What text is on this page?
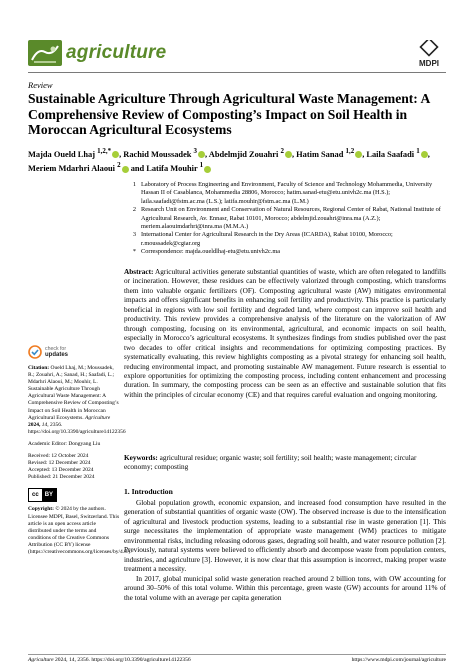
agriculture
MDPI
Review
Sustainable Agriculture Through Agricultural Waste Management: A Comprehensive Review of Composting’s Impact on Soil Health in Moroccan Agricultural Ecosystems
Majda Oueld Lhaj $^{1,2,*}$ , Rachid Moussadek $^3$ , Abdelmjid Zouahri $^2$ , Hatim Sanad $^{1,2}$ , Laila Saafadi $^1$ ,
Meriem Mdarhri Alaoui $^2$ and Latifa Mouhir $^1$
1 Laboratory of Process Engineering and Environment, Faculty of Science and Technology Mohammedia, University Hassan II of Casablanca, Mohammedia 28806, Morocco; hatim.sanad-etu@etu.univh2c.ma (H.S.); laila.saafadi@fstm.ac.ma (L.S.); latifa.mouhir@fstm.ac.ma (L.M.)
2 Research Unit on Environment and Conservation of Natural Resources, Regional Center of Rabat, National Institute of Agricultural Research, Av. Ennasr, Rabat 10101, Morocco; abdelmjid.zouahri@inra.ma (A.Z.); meriem.alaouimdarhri@inra.ma (M.M.A.)
3 International Center for Agricultural Research in the Dry Areas (ICARDA), Rabat 10100, Morocco; r.moussadek@cgiar.org
* Correspondence: majda.oueldlhaj-etu@etu.univh2c.ma
Abstract: Agricultural activities generate substantial quantities of waste, which are often relegated to landfills or incineration. However, these residues can be effectively valorized through composting, which transforms them into valuable organic fertilizers (OF). Composting agricultural waste (AW) mitigates environmental impacts and offers significant benefits in enhancing soil fertility and productivity. This practice is particularly beneficial in regions with low soil fertility and degraded land, where compost can improve soil health and productivity. This review provides a comprehensive analysis of the literature on the valorization of AW through composting, focusing on its environmental, agricultural, and economic impacts on soil health, especially in Morocco’s agricultural ecosystems. It synthesizes findings from studies published over the past two decades to offer critical insights and recommendations for optimizing composting practices. By systematically evaluating, this review highlights composting as a pivotal strategy for enhancing soil health, reducing environmental impact, and promoting sustainable AW management. Future research is essential to explore opportunities for optimizing the composting process, including content enhancement and processing duration. In summary, the composting process can be seen as an effective and sustainable solution that fits within the principles of circular economy (CE) and that requires careful evaluation and ongoing monitoring.
Keywords: agricultural residue; organic waste; soil fertility; soil health; waste management; circular economy; composting
check for
updates
Citation: Oueld Lhaj, M.; Moussadek, R.; Zouahri, A.; Sanad, H.; Saafadi, L.; Mdarhri Alaoui, M.; Mouhir, L. Sustainable Agriculture Through Agricultural Waste Management: A Comprehensive Review of Composting’s Impact on Soil Health in Moroccan Agricultural Ecosystems. Agriculture 2024, 14, 2356. https://doi.org/10.3390/agriculture14122356
Academic Editor: Dongyang Liu
Received: 12 October 2024
Revised: 12 December 2024
Accepted: 13 December 2024
Published: 21 December 2024
cc BY
Copyright: © 2024 by the authors. Licensee MDPI, Basel, Switzerland. This article is an open access article distributed under the terms and conditions of the Creative Commons Attribution (CC BY) license (https://creativecommons.org/licenses/by/4.0/).
1. Introduction

Global population growth, economic expansion, and increased food consumption have resulted in the generation of substantial quantities of organic waste (OW). The observed increase is due to the intensification of agricultural and livestock production systems, leading to a substantial rise in waste generation [1]. This surge necessitates the implementation of appropriate waste management (WM) practices to mitigate environmental risks, including releasing odorous gases, degrading soil health, and water resource pollution [2]. Previously, natural systems were believed to efficiently absorb and decompose waste from population centers, industries, and agriculture [3]. However, it is now clear that this assumption is incorrect, making proper waste treatment a necessity.

In 2017, global municipal solid waste generation reached around 2 billion tons, with OW accounting for around 30–50% of this total volume. Within this percentage, green waste (GW) accounts for around 11% of the total volume with an average per capita generation

Agriculture 2024, 14, 2356. https://doi.org/10.3390/agriculture14122356	https://www.mdpi.com/journal/agriculture
